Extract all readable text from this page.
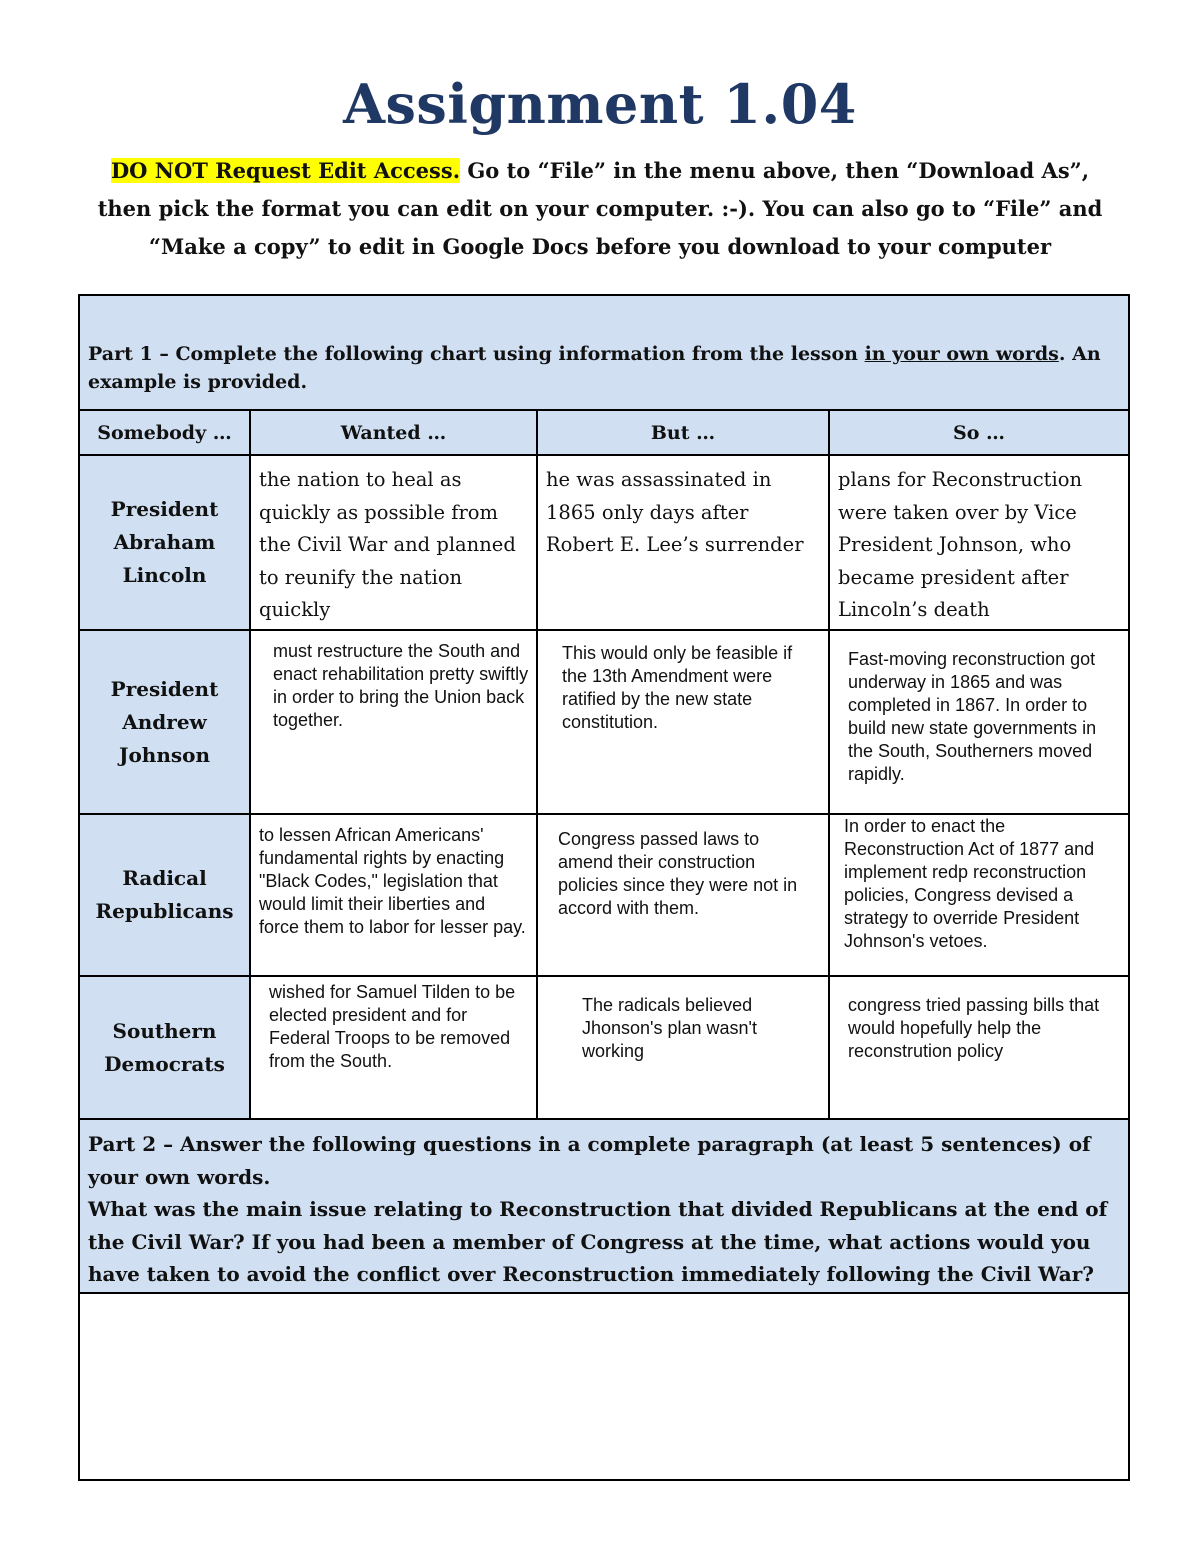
Assignment 1.04
DO NOT Request Edit Access. Go to “File” in the menu above, then “Download As”,
then pick the format you can edit on your computer. :-). You can also go to “File” and
“Make a copy” to edit in Google Docs before you download to your computer
Part 1 – Complete the following chart using information from the lesson in your own words. An example is provided.			

Somebody …	Wanted …	But …	So …
President Abraham Lincoln	the nation to heal as quickly as possible from the Civil War and planned to reunify the nation quickly	he was assassinated in 1865 only days after Robert E. Lee’s surrender	plans for Reconstruction were taken over by Vice President Johnson, who became president after Lincoln’s death

President Andrew Johnson	must restructure the South and enact rehabilitation pretty swiftly in order to bring the Union back together.	This would only be feasible if the 13th Amendment were ratified by the new state constitution.	Fast-moving reconstruction got underway in 1865 and was completed in 1867. In order to build new state governments in the South, Southerners moved rapidly.

Radical Republicans	to lessen African Americans' fundamental rights by enacting "Black Codes," legislation that would limit their liberties and force them to labor for lesser pay.	Congress passed laws to amend their construction policies since they were not in accord with them.	In order to enact the Reconstruction Act of 1877 and implement redp reconstruction policies, Congress devised a strategy to override President Johnson's vetoes.

Southern Democrats	wished for Samuel Tilden to be elected president and for Federal Troops to be removed from the South.	The radicals believed Jhonson's plan wasn't working	congress tried passing bills that would hopefully help the reconstrution policy

Part 2 – Answer the following questions in a complete paragraph (at least 5 sentences) of your own words.
What was the main issue relating to Reconstruction that divided Republicans at the end of the Civil War? If you had been a member of Congress at the time, what actions would you have taken to avoid the conflict over Reconstruction immediately following the Civil War?			
